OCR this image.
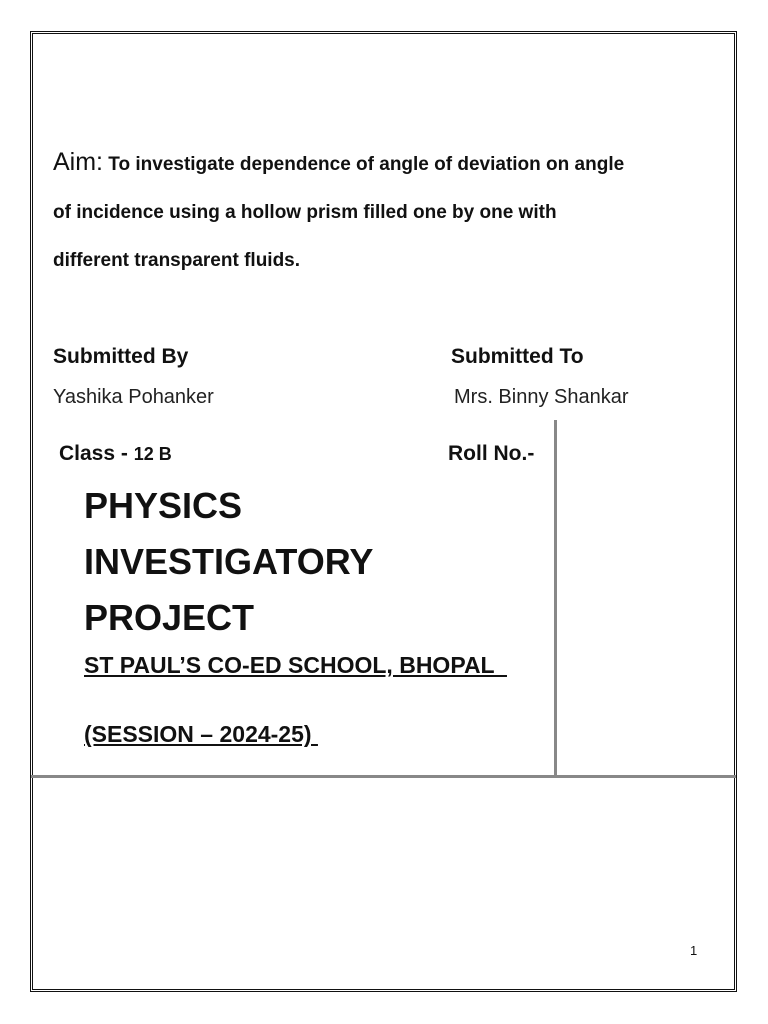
Aim: To investigate dependence of angle of deviation on angle
of incidence using a hollow prism filled one by one with
different transparent fluids.
Submitted By
Yashika Pohanker
Submitted To
Mrs. Binny Shankar
Class - 12 B	Roll No.-
PHYSICS
INVESTIGATORY
PROJECT
ST PAUL’S CO-ED SCHOOL, BHOPAL
(SESSION – 2024-25)
1
